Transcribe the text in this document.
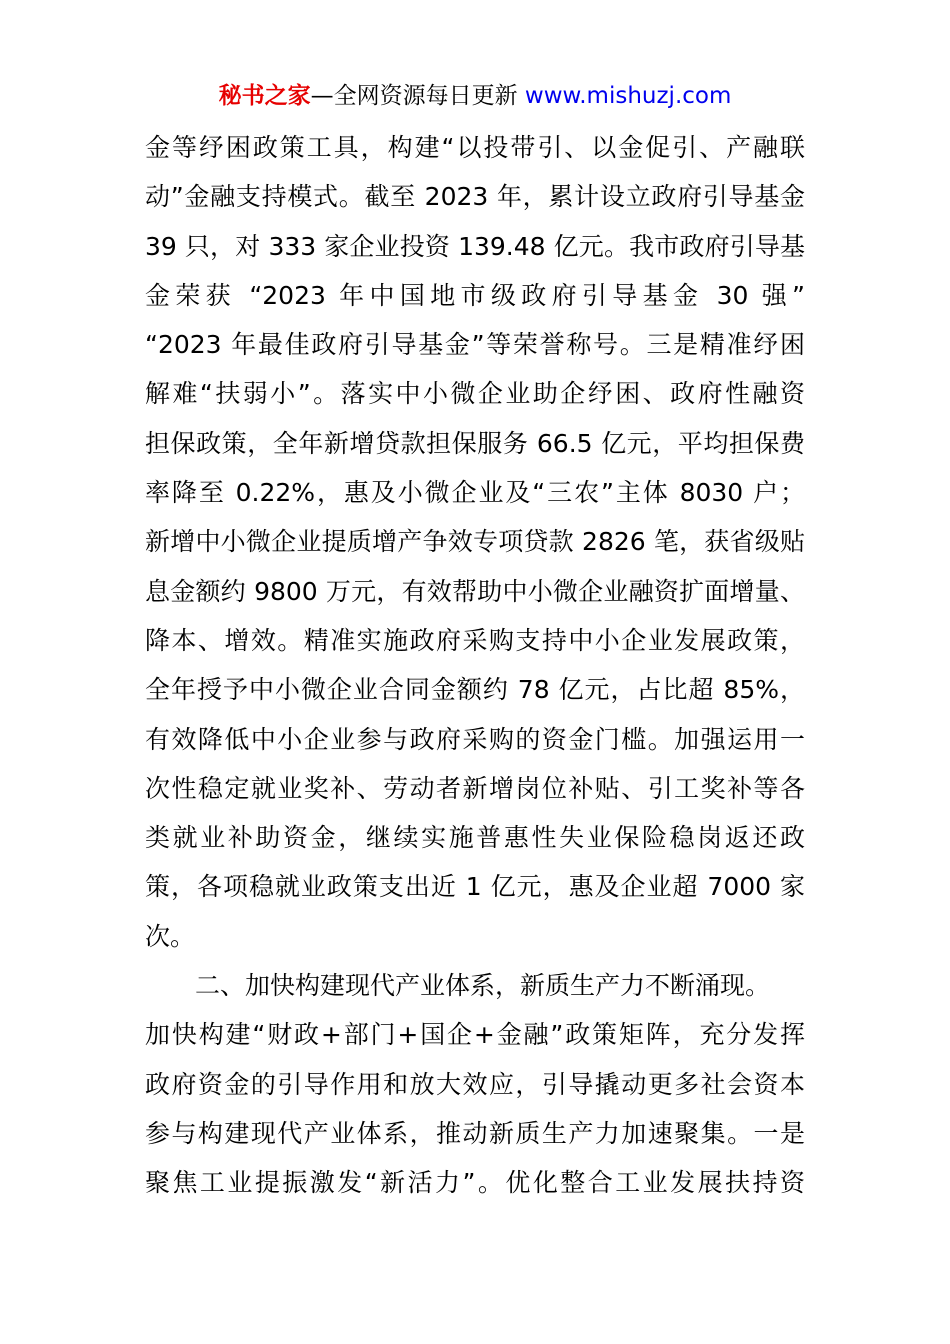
秘书之家—全网资源每日更新 www.mishuzj.com
金等纾困政策工具，构建“以投带引、以金促引、产融联
动”金融支持模式。截至 2023 年，累计设立政府引导基金
39 只，对 333 家企业投资 139.48 亿元。我市政府引导基
金荣获 “2023 年中国地市级政府引导基金 30 强”
“2023 年最佳政府引导基金”等荣誉称号。三是精准纾困
解难“扶弱小”。落实中小微企业助企纾困、政府性融资
担保政策，全年新增贷款担保服务 66.5 亿元，平均担保费
率降至 0.22%，惠及小微企业及“三农”主体 8030 户；
新增中小微企业提质增产争效专项贷款 2826 笔，获省级贴
息金额约 9800 万元，有效帮助中小微企业融资扩面增量、
降本、增效。精准实施政府采购支持中小企业发展政策，
全年授予中小微企业合同金额约 78 亿元，占比超 85%，
有效降低中小企业参与政府采购的资金门槛。加强运用一
次性稳定就业奖补、劳动者新增岗位补贴、引工奖补等各
类就业补助资金，继续实施普惠性失业保险稳岗返还政
策，各项稳就业政策支出近 1 亿元，惠及企业超 7000 家
次。
二、加快构建现代产业体系，新质生产力不断涌现。
加快构建“财政+部门+国企+金融”政策矩阵，充分发挥
政府资金的引导作用和放大效应，引导撬动更多社会资本
参与构建现代产业体系，推动新质生产力加速聚集。一是
聚焦工业提振激发“新活力”。优化整合工业发展扶持资
